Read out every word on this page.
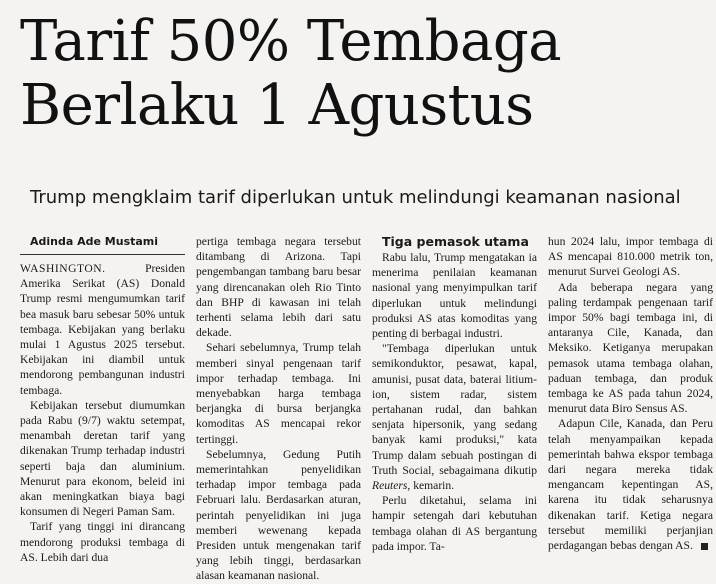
Tarif 50% Tembaga
Berlaku 1 Agustus
Trump mengklaim tarif diperlukan untuk melindungi keamanan nasional

Adinda Ade Mustami

WASHINGTON.	Presiden Amerika Serikat (AS) Donald Trump resmi mengumumkan tarif bea masuk baru sebesar 50% untuk tembaga. Kebijakan yang berlaku mulai 1 Agustus 2025 tersebut. Kebijakan ini diambil untuk mendorong pembangunan industri tembaga.

Kebijakan tersebut diumumkan pada Rabu (9/7) waktu setempat, menambah deretan tarif yang dikenakan Trump terhadap industri seperti baja dan aluminium. Menurut para ekonom, beleid ini akan meningkatkan biaya bagi konsumen di Negeri Paman Sam.

Tarif yang tinggi ini dirancang mendorong produksi tembaga di AS. Lebih dari dua

pertiga tembaga negara tersebut ditambang di Arizona. Tapi pengembangan tambang baru besar yang direncanakan oleh Rio Tinto dan BHP di kawasan ini telah terhenti selama lebih dari satu dekade.

Sehari sebelumnya, Trump telah memberi sinyal pengenaan tarif impor terhadap tembaga. Ini menyebabkan harga tembaga berjangka di bursa berjangka komoditas AS mencapai rekor tertinggi.

Sebelumnya, Gedung Putih memerintahkan penyelidikan terhadap impor tembaga pada Februari lalu. Berdasarkan aturan, perintah penyelidikan ini juga memberi wewenang kepada Presiden untuk mengenakan tarif yang lebih tinggi, berdasarkan alasan keamanan nasional.

Tiga pemasok utama

Rabu lalu, Trump mengatakan ia menerima penilaian keamanan nasional yang menyimpulkan tarif diperlukan untuk melindungi produksi AS atas komoditas yang penting di berbagai industri.

"Tembaga diperlukan untuk semikonduktor, pesawat, kapal, amunisi, pusat data, baterai litium-ion, sistem radar, sistem pertahanan rudal, dan bahkan senjata hipersonik, yang sedang banyak kami produksi," kata Trump dalam sebuah postingan di Truth Social, sebagaimana dikutip Reuters, kemarin.

Perlu diketahui, selama ini hampir setengah dari kebutuhan tembaga olahan di AS bergantung pada impor. Ta-

hun 2024 lalu, impor tembaga di AS mencapai 810.000 metrik ton, menurut Survei Geologi AS.

Ada beberapa negara yang paling terdampak pengenaan tarif impor 50% bagi tembaga ini, di antaranya Cile, Kanada, dan Meksiko. Ketiganya merupakan pemasok utama tembaga olahan, paduan tembaga, dan produk tembaga ke AS pada tahun 2024, menurut data Biro Sensus AS.

Adapun Cile, Kanada, dan Peru telah menyampaikan kepada pemerintah bahwa ekspor tembaga dari negara mereka tidak mengancam kepentingan AS, karena itu tidak seharusnya dikenakan tarif. Ketiga negara tersebut memiliki perjanjian perdagangan bebas dengan AS.
